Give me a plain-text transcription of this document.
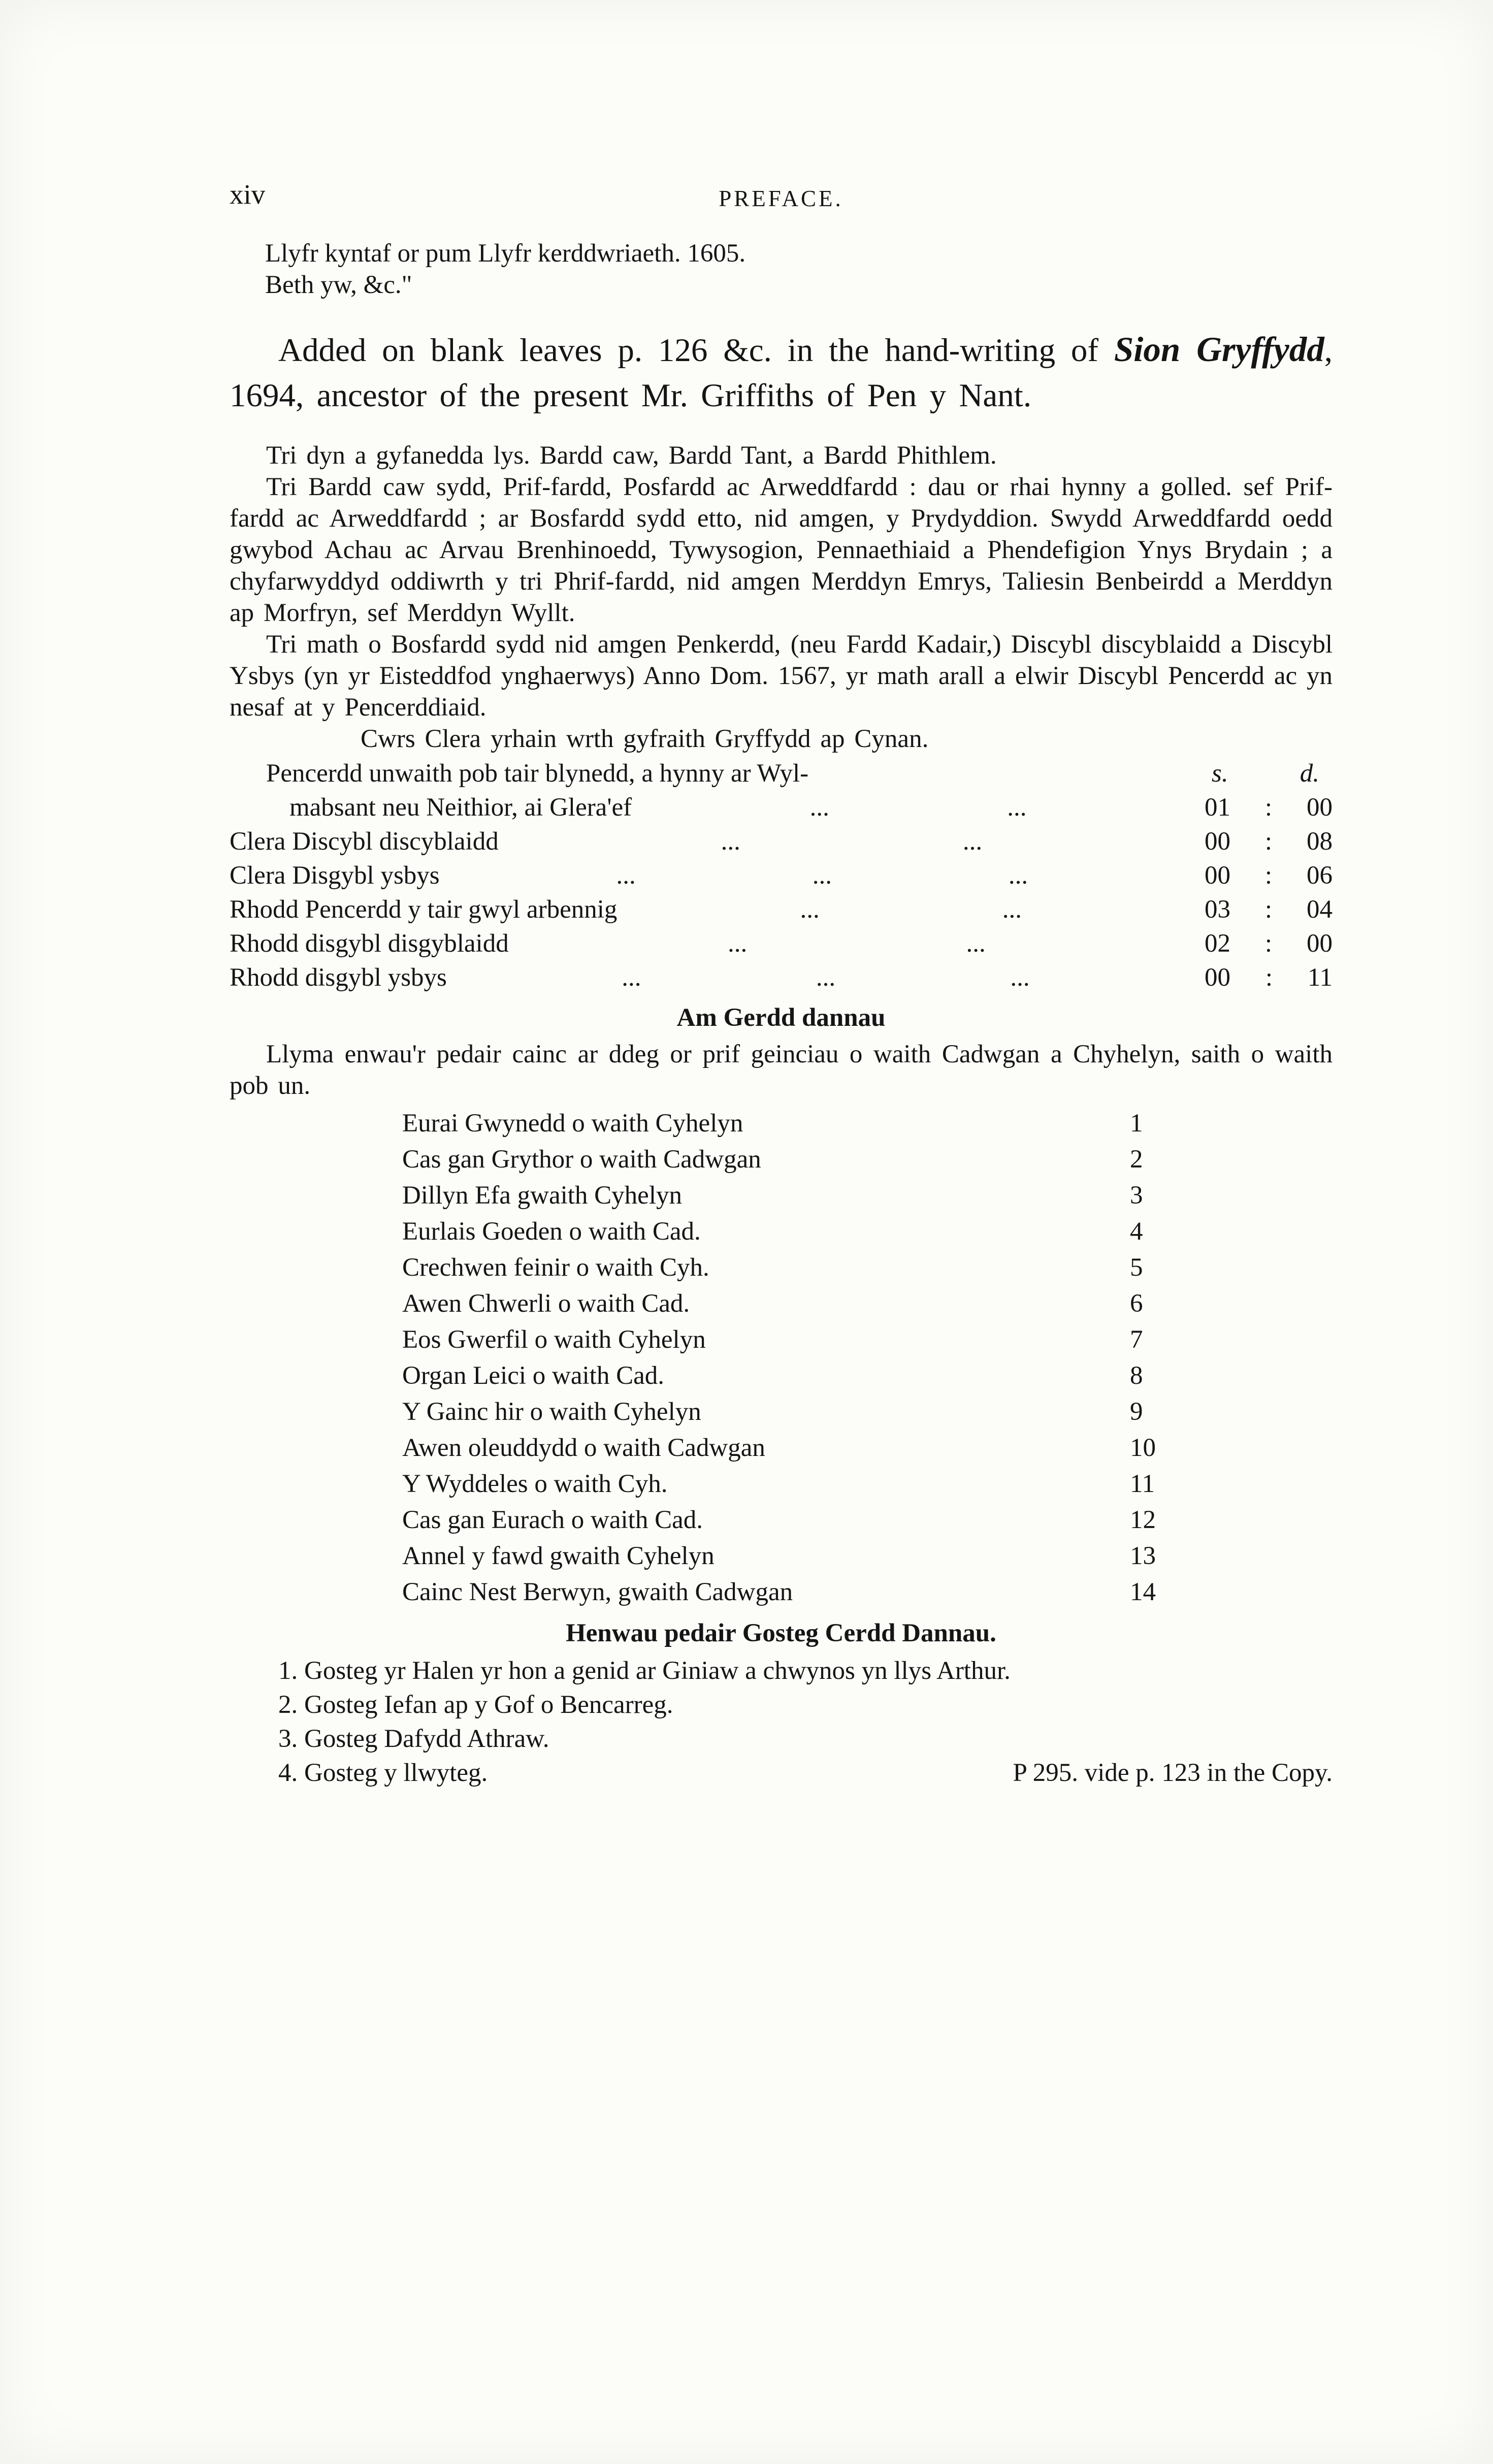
xiv	PREFACE.
Llyfr kyntaf or pum Llyfr kerddwriaeth. 1605.
Beth yw, &c."

Added on blank leaves p. 126 &c. in the hand-writing of Sion Gryffydd, 1694, ancestor of the present Mr. Griffiths of Pen y Nant.

Tri dyn a gyfanedda lys. Bardd caw, Bardd Tant, a Bardd Phithlem.

Tri Bardd caw sydd, Prif-fardd, Posfardd ac Arweddfardd : dau or rhai hynny a golled. sef Prif-fardd ac Arweddfardd ; ar Bosfardd sydd etto, nid amgen, y Prydyddion. Swydd Arweddfardd oedd gwybod Achau ac Arvau Brenhinoedd, Tywysogion, Pennaethiaid a Phendefigion Ynys Brydain ; a chyfarwyddyd oddiwrth y tri Phrif-fardd, nid amgen Merddyn Emrys, Taliesin Benbeirdd a Merddyn ap Morfryn, sef Merddyn Wyllt.

Tri math o Bosfardd sydd nid amgen Penkerdd, (neu Fardd Kadair,) Discybl discyblaidd a Discybl Ysbys (yn yr Eisteddfod ynghaerwys) Anno Dom. 1567, yr math arall a elwir Discybl Pencerdd ac yn nesaf at y Pencerddiaid.

Cwrs Clera yrhain wrth gyfraith Gryffydd ap Cynan.

Pencerdd unwaith pob tair blynedd, a hynny ar Wyl-	s.	d.
mabsant neu Neithior, ai Glera'ef	...	...	01 : 00
Clera Discybl discyblaidd	...	...	00 : 08
Clera Disgybl ysbys	...	...	...	00 : 06
Rhodd Pencerdd y tair gwyl arbennig	...	...	03 : 04
Rhodd disgybl disgyblaidd	...	...	02 : 00
Rhodd disgybl ysbys	...	...	...	00 : 11
Am Gerdd dannau

Llyma enwau'r pedair cainc ar ddeg or prif geinciau o waith Cadwgan a Chyhelyn, saith o waith pob un.

Eurai Gwynedd o waith Cyhelyn	1
Cas gan Grythor o waith Cadwgan	2
Dillyn Efa gwaith Cyhelyn	3
Eurlais Goeden o waith Cad.	4
Crechwen feinir o waith Cyh.	5
Awen Chwerli o waith Cad.	6
Eos Gwerfil o waith Cyhelyn	7
Organ Leici o waith Cad.	8
Y Gainc hir o waith Cyhelyn	9
Awen oleuddydd o waith Cadwgan	10
Y Wyddeles o waith Cyh.	11
Cas gan Eurach o waith Cad.	12
Annel y fawd gwaith Cyhelyn	13
Cainc Nest Berwyn, gwaith Cadwgan	14
Henwau pedair Gosteg Cerdd Dannau.

1. Gosteg yr Halen yr hon a genid ar Giniaw a chwynos yn llys Arthur.

2. Gosteg Iefan ap y Gof o Bencarreg.

3. Gosteg Dafydd Athraw.

P 295. vide p. 123 in the Copy.
4. Gosteg y llwyteg.
